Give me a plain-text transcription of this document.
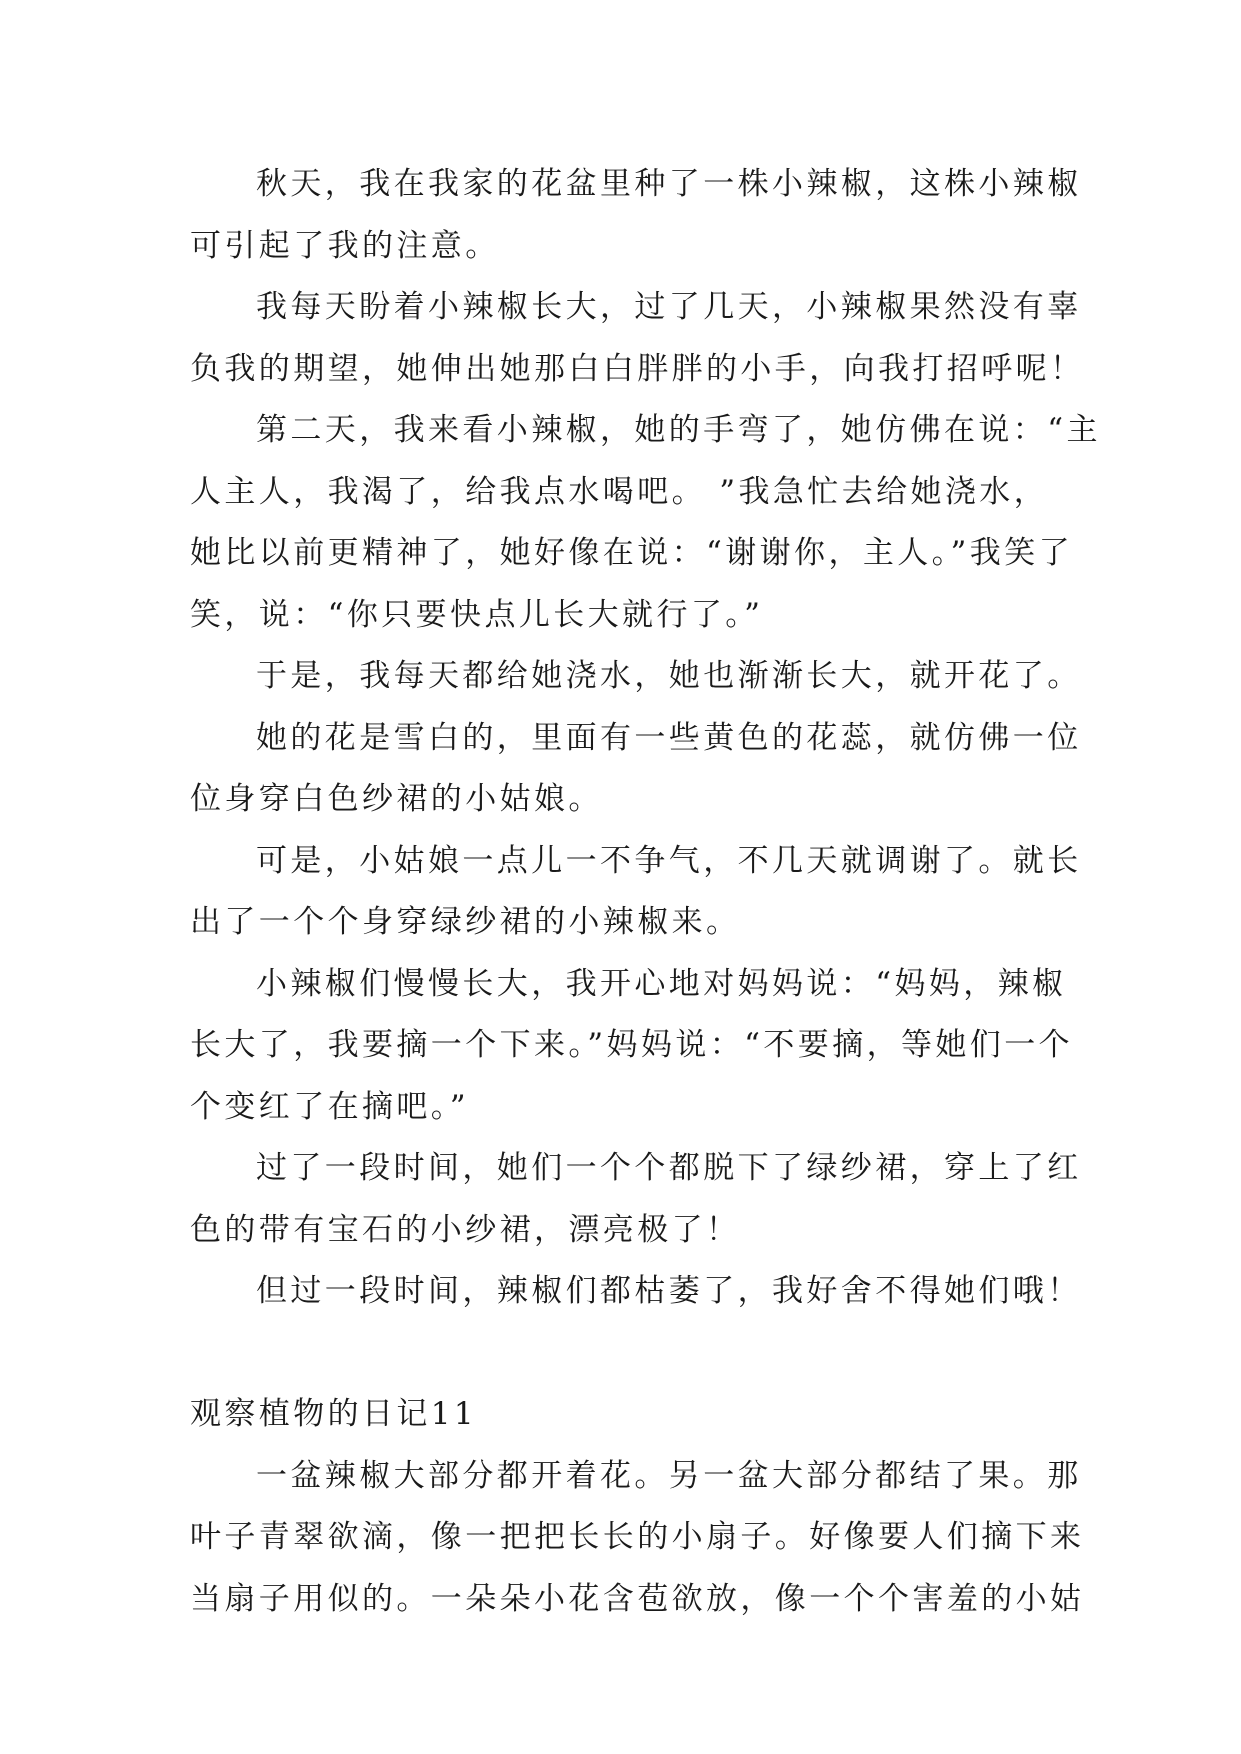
秋天，我在我家的花盆里种了一株小辣椒，这株小辣椒
可引起了我的注意。
我每天盼着小辣椒长大，过了几天，小辣椒果然没有辜
负我的期望，她伸出她那白白胖胖的小手，向我打招呼呢！
第二天，我来看小辣椒，她的手弯了，她仿佛在说：“主
人主人，我渴了，给我点水喝吧。 ”我急忙去给她浇水，
她比以前更精神了，她好像在说：“谢谢你，主人。”我笑了
笑，说：“你只要快点儿长大就行了。”
于是，我每天都给她浇水，她也渐渐长大，就开花了。
她的花是雪白的，里面有一些黄色的花蕊，就仿佛一位
位身穿白色纱裙的小姑娘。
可是，小姑娘一点儿一不争气，不几天就调谢了。就长
出了一个个身穿绿纱裙的小辣椒来。
小辣椒们慢慢长大，我开心地对妈妈说：“妈妈，辣椒
长大了，我要摘一个下来。”妈妈说：“不要摘，等她们一个
个变红了在摘吧。”
过了一段时间，她们一个个都脱下了绿纱裙，穿上了红
色的带有宝石的小纱裙，漂亮极了！
但过一段时间，辣椒们都枯萎了，我好舍不得她们哦！
观察植物的日记11
一盆辣椒大部分都开着花。另一盆大部分都结了果。那
叶子青翠欲滴，像一把把长长的小扇子。好像要人们摘下来
当扇子用似的。一朵朵小花含苞欲放，像一个个害羞的小姑
